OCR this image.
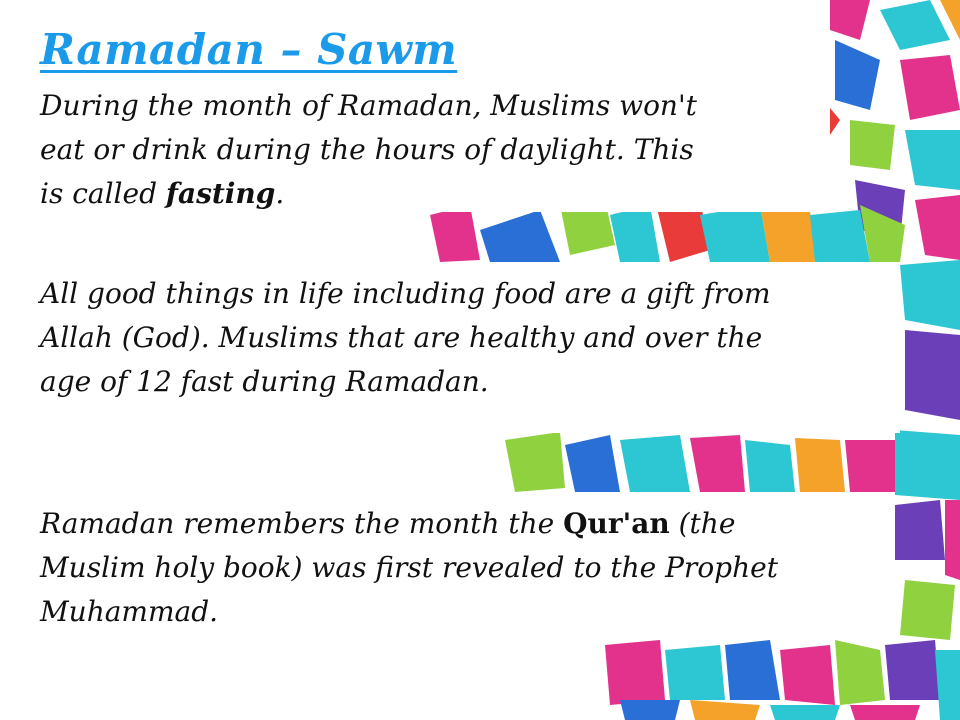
Ramadan – Sawm

During the month of Ramadan, Muslims won't
eat or drink during the hours of daylight. This
is called fasting.

All good things in life including food are a gift from
Allah (God). Muslims that are healthy and over the
age of 12 fast during Ramadan.

Ramadan remembers the month the Qur'an (the
Muslim holy book) was first revealed to the Prophet
Muhammad.
